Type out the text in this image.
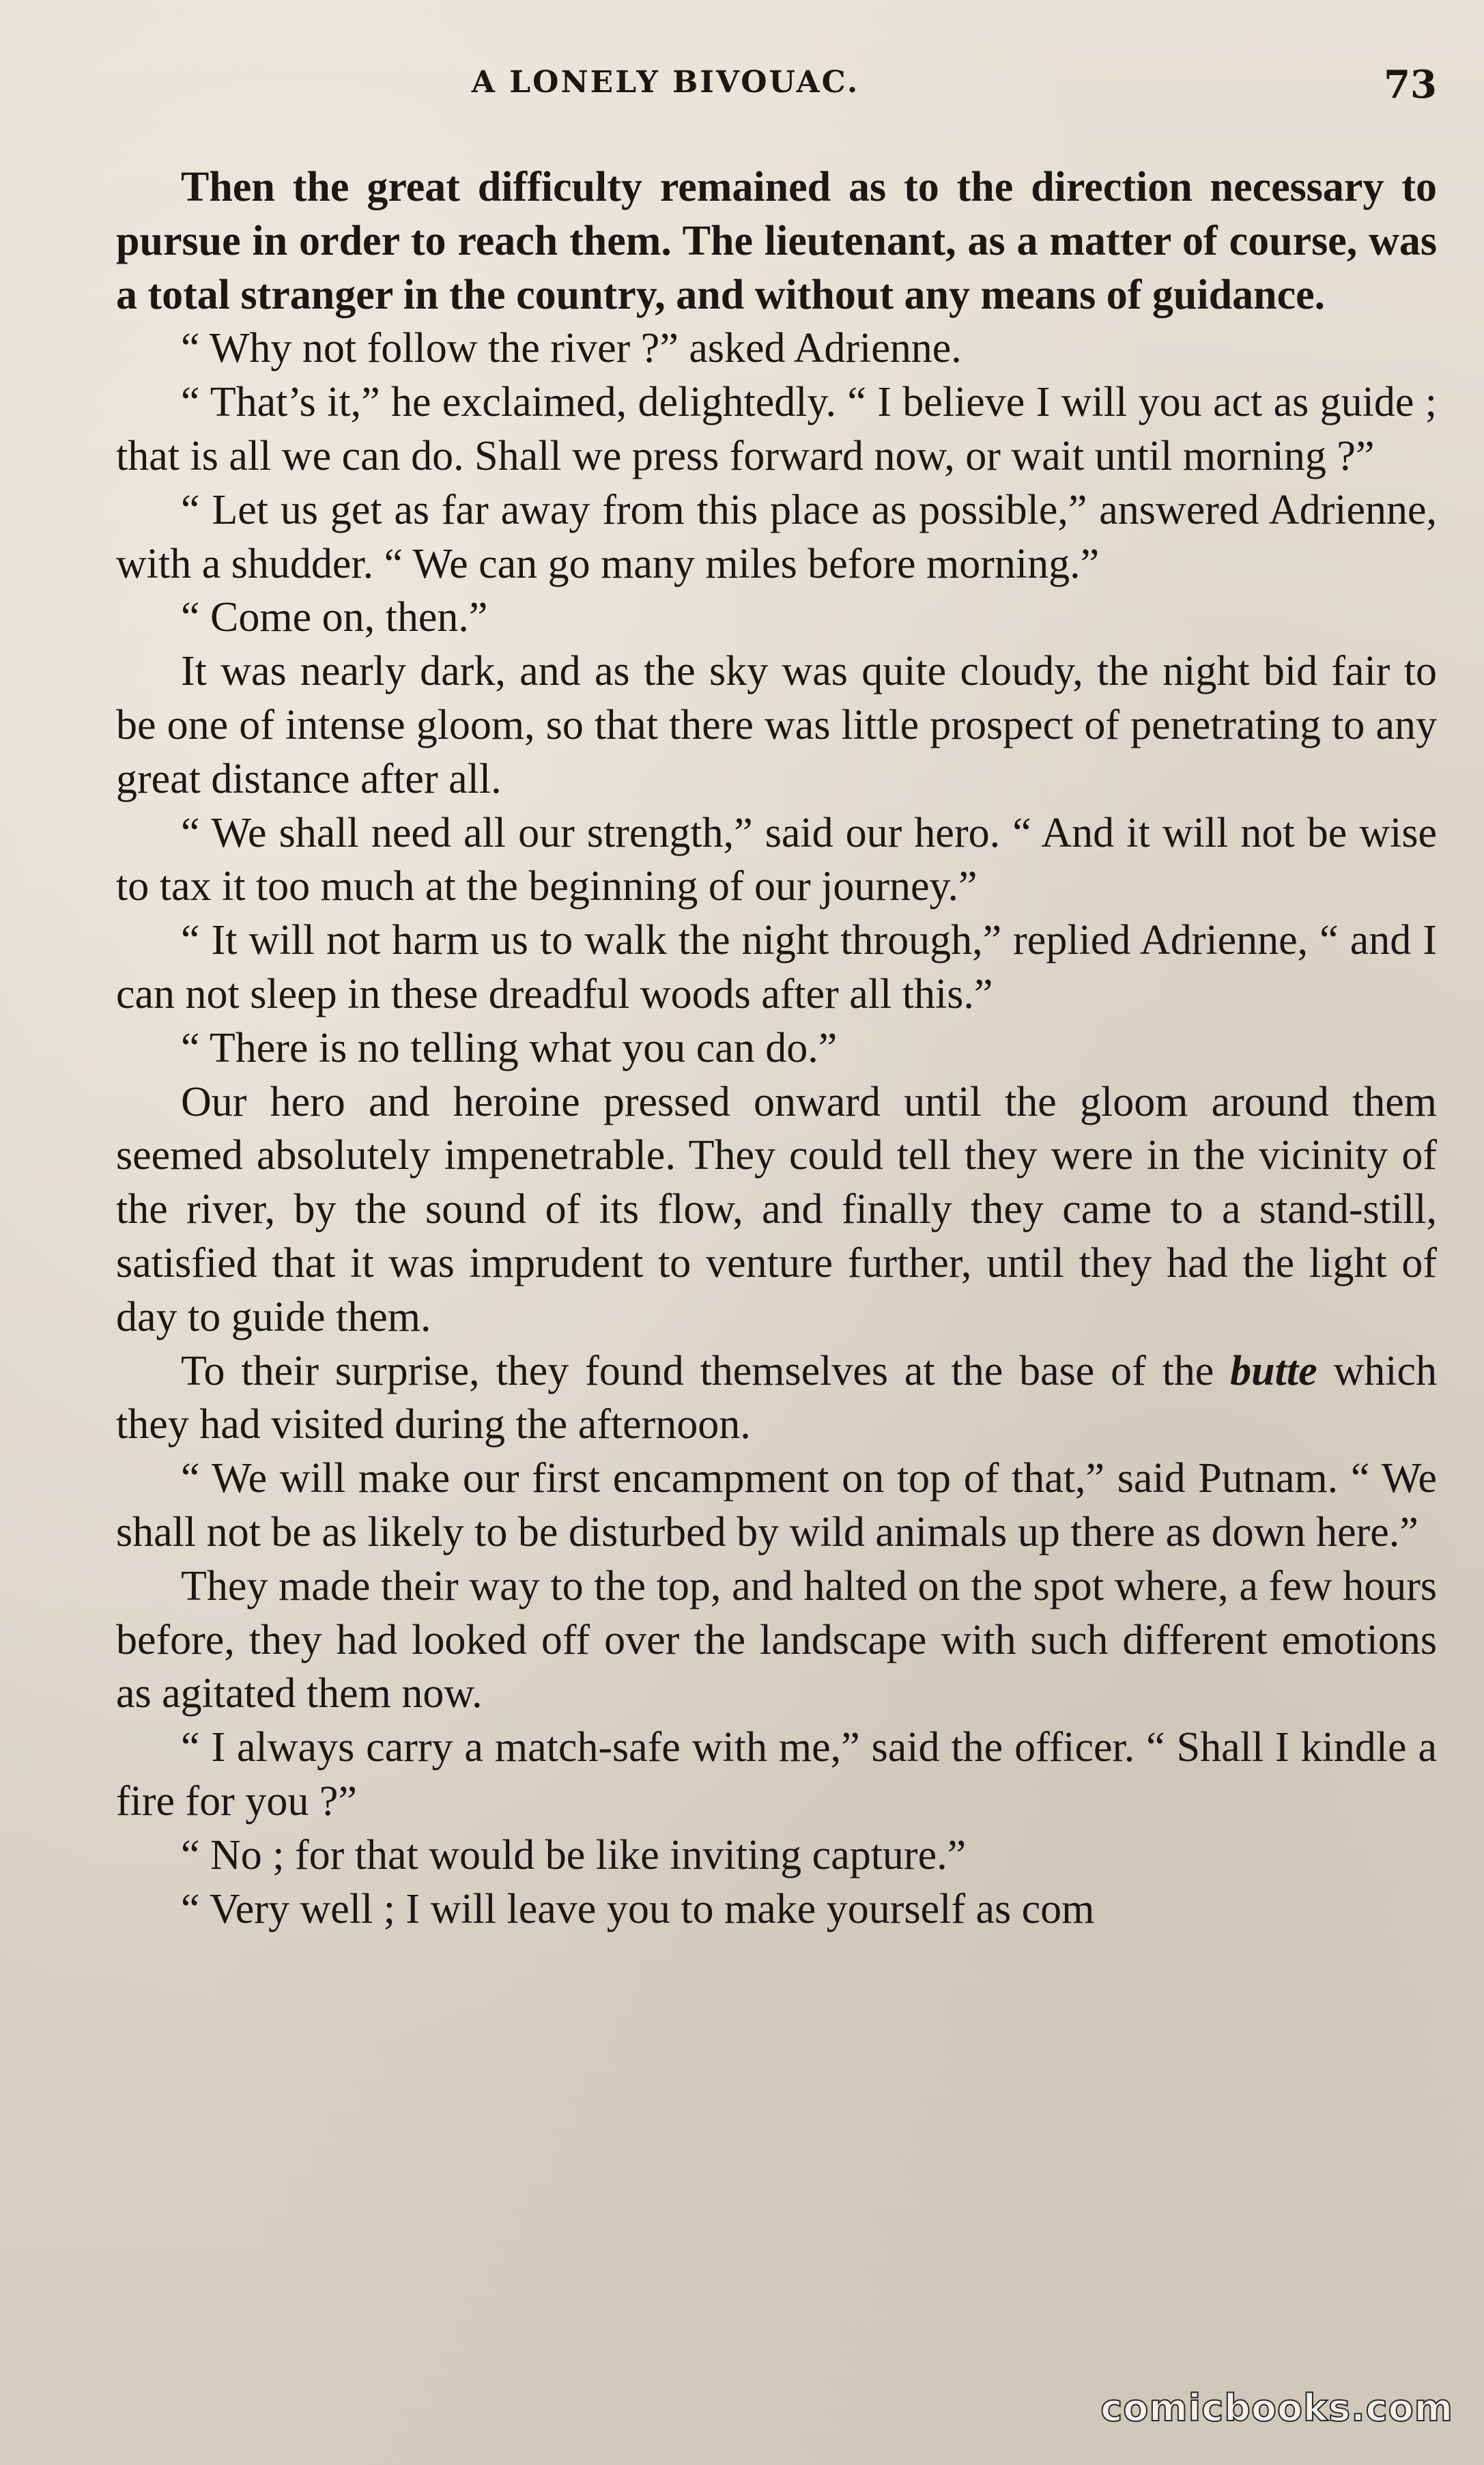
A LONELY BIVOUAC.	73

Then the great difficulty remained as to the direction necessary to pursue in order to reach them. The lieutenant, as a matter of course, was a total stranger in the country, and without any means of guidance.

“ Why not follow the river ?” asked Adrienne.

“ That’s it,” he exclaimed, delightedly. “ I believe I will you act as guide ; that is all we can do. Shall we press forward now, or wait until morning ?”

“ Let us get as far away from this place as possible,” answered Adrienne, with a shudder. “ We can go many miles before morning.”

“ Come on, then.”

It was nearly dark, and as the sky was quite cloudy, the night bid fair to be one of intense gloom, so that there was little prospect of penetrating to any great distance after all.

“ We shall need all our strength,” said our hero. “ And it will not be wise to tax it too much at the beginning of our journey.”

“ It will not harm us to walk the night through,” replied Adrienne, “ and I can not sleep in these dreadful woods after all this.”

“ There is no telling what you can do.”

Our hero and heroine pressed onward until the gloom around them seemed absolutely impenetrable. They could tell they were in the vicinity of the river, by the sound of its flow, and finally they came to a stand-still, satisfied that it was imprudent to venture further, until they had the light of day to guide them.

To their surprise, they found themselves at the base of the butte which they had visited during the afternoon.

“ We will make our first encampment on top of that,” said Putnam. “ We shall not be as likely to be disturbed by wild animals up there as down here.”

They made their way to the top, and halted on the spot where, a few hours before, they had looked off over the landscape with such different emotions as agitated them now.

“ I always carry a match-safe with me,” said the officer. “ Shall I kindle a fire for you ?”

“ No ; for that would be like inviting capture.”

“ Very well ; I will leave you to make yourself as com

comicbooks.com
